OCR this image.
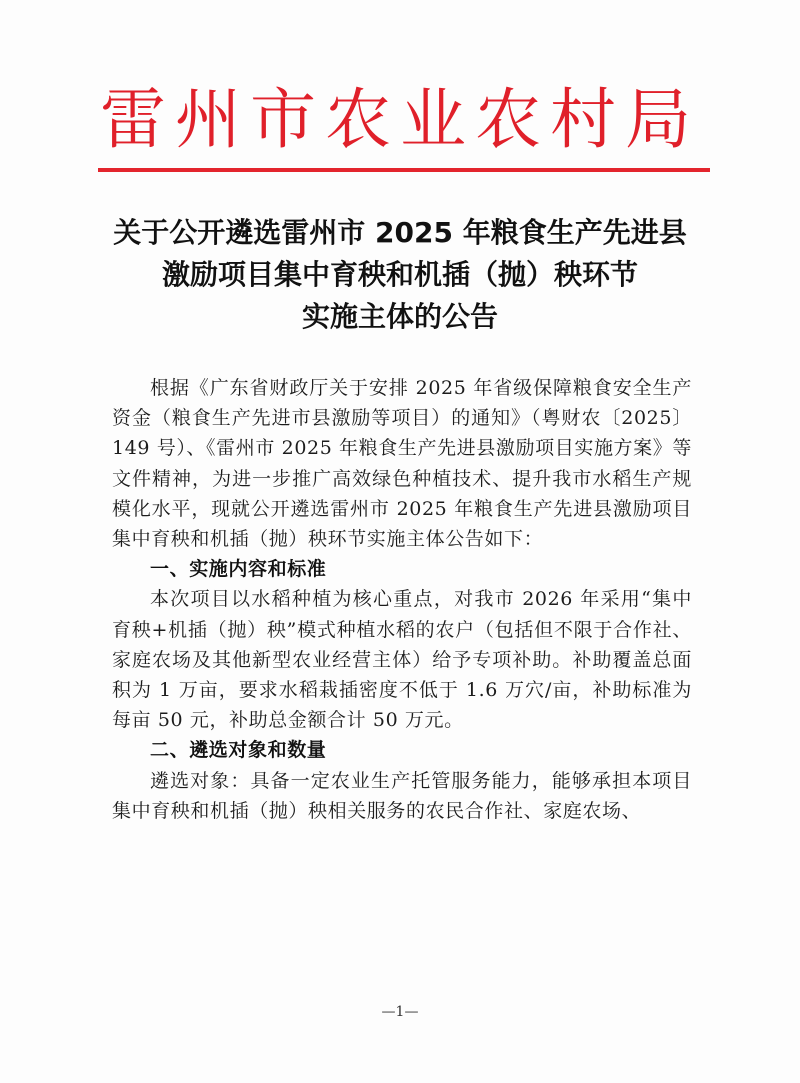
雷州市农业农村局
关于公开遴选雷州市 2025 年粮食生产先进县
激励项目集中育秧和机插（抛）秧环节
实施主体的公告

根据《广东省财政厅关于安排 2025 年省级保障粮食安全生产资金（粮食生产先进市县激励等项目）的通知》（粤财农〔2025〕149 号）、《雷州市 2025 年粮食生产先进县激励项目实施方案》等文件精神，为进一步推广高效绿色种植技术、提升我市水稻生产规模化水平，现就公开遴选雷州市 2025 年粮食生产先进县激励项目集中育秧和机插（抛）秧环节实施主体公告如下：

一、实施内容和标准

本次项目以水稻种植为核心重点，对我市 2026 年采用“集中育秧+机插（抛）秧”模式种植水稻的农户（包括但不限于合作社、家庭农场及其他新型农业经营主体）给予专项补助。补助覆盖总面积为 1 万亩，要求水稻栽插密度不低于 1.6 万穴/亩，补助标准为每亩 50 元，补助总金额合计 50 万元。

二、遴选对象和数量

遴选对象：具备一定农业生产托管服务能力，能够承担本项目集中育秧和机插（抛）秧相关服务的农民合作社、家庭农场、

—1—
